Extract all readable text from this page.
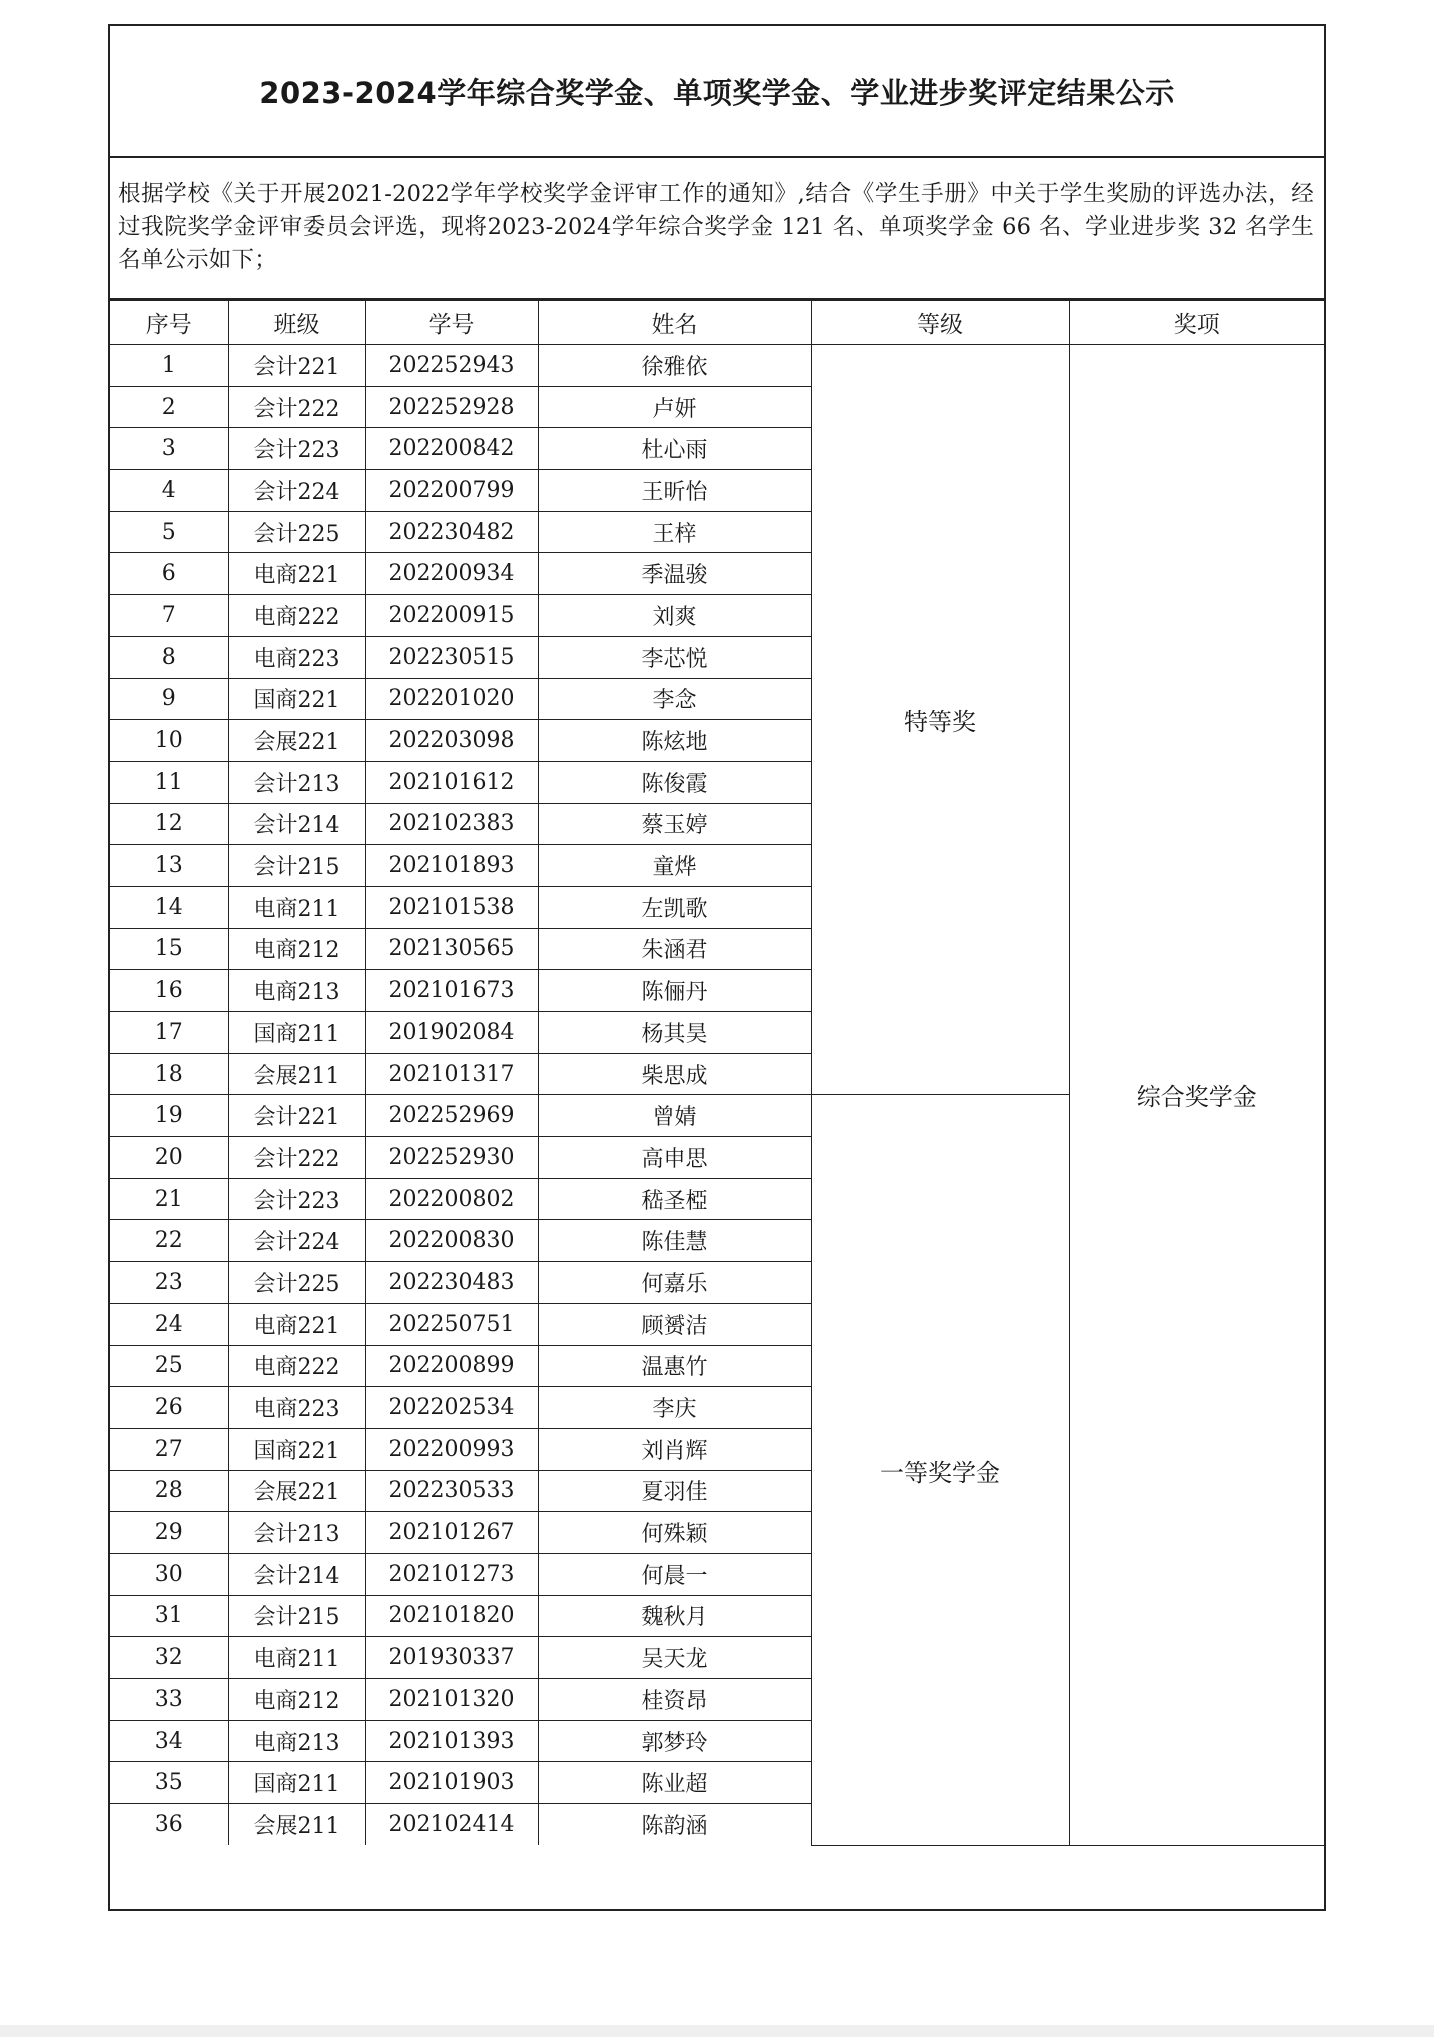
2023-2024学年综合奖学金、单项奖学金、学业进步奖评定结果公示
根据学校《关于开展2021-2022学年学校奖学金评审工作的通知》,结合《学生手册》中关于学生奖励的评选办法，经过我院奖学金评审委员会评选，现将2023-2024学年综合奖学金 121 名、单项奖学金 66 名、学业进步奖 32 名学生名单公示如下；
序号	班级	学号	姓名	等级	奖项
1	会计221	202252943	徐雅依	特等奖	综合奖学金
2	会计222	202252928	卢妍		
3	会计223	202200842	杜心雨		
4	会计224	202200799	王昕怡		
5	会计225	202230482	王梓		
6	电商221	202200934	季温骏		
7	电商222	202200915	刘爽		
8	电商223	202230515	李芯悦		
9	国商221	202201020	李念		
10	会展221	202203098	陈炫地		
11	会计213	202101612	陈俊霞		
12	会计214	202102383	蔡玉婷		
13	会计215	202101893	童烨		
14	电商211	202101538	左凯歌		
15	电商212	202130565	朱涵君		
16	电商213	202101673	陈俪丹		
17	国商211	201902084	杨其昊		
18	会展211	202101317	柴思成		
19	会计221	202252969	曾婧	一等奖学金	
20	会计222	202252930	高申思		
21	会计223	202200802	嵇圣椏		
22	会计224	202200830	陈佳慧		
23	会计225	202230483	何嘉乐		
24	电商221	202250751	顾赟洁		
25	电商222	202200899	温惠竹		
26	电商223	202202534	李庆		
27	国商221	202200993	刘肖辉		
28	会展221	202230533	夏羽佳		
29	会计213	202101267	何殊颖		
30	会计214	202101273	何晨一		
31	会计215	202101820	魏秋月		
32	电商211	201930337	吴天龙		
33	电商212	202101320	桂资昂		
34	电商213	202101393	郭梦玲		
35	国商211	202101903	陈业超		
36	会展211	202102414	陈韵涵		
